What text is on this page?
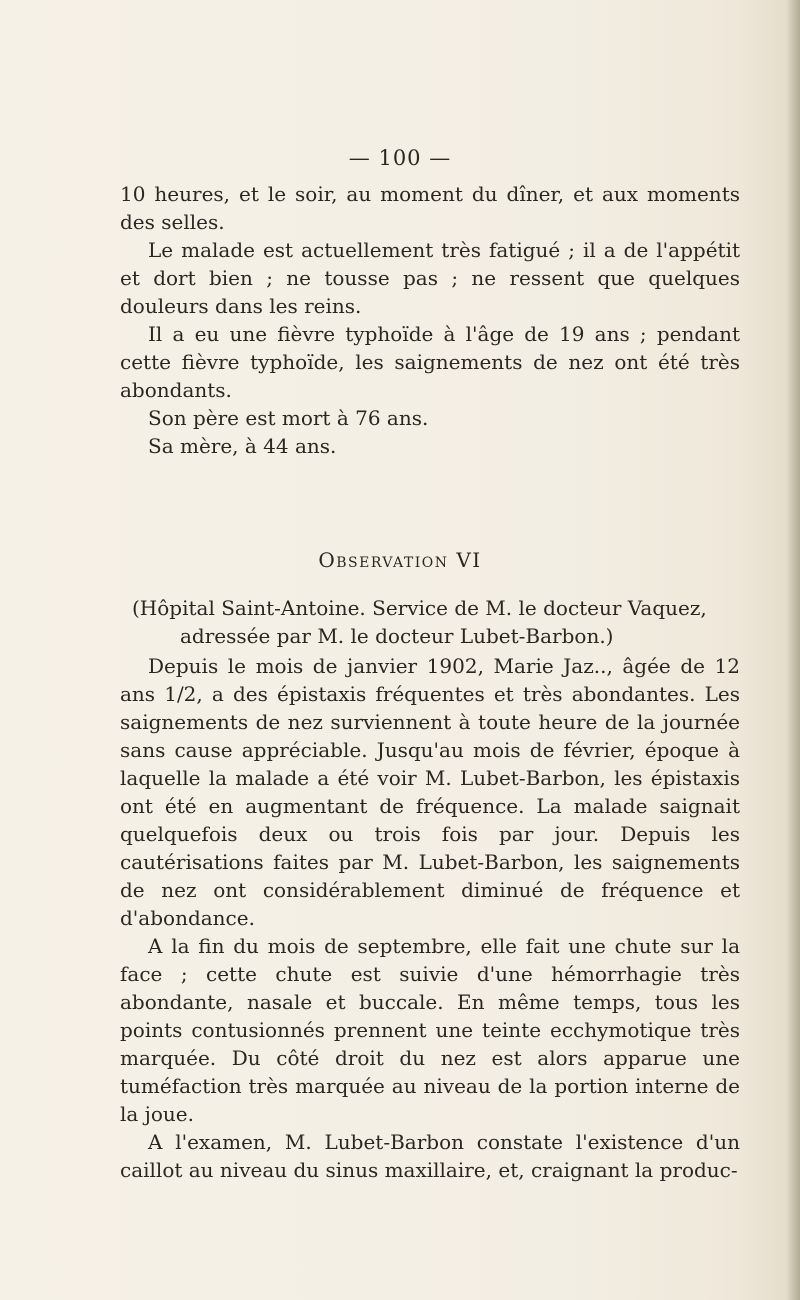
— 100 —

10 heures, et le soir, au moment du dîner, et aux moments des selles.

Le malade est actuellement très fatigué ; il a de l'appétit et dort bien ; ne tousse pas ; ne ressent que quelques douleurs dans les reins.

Il a eu une fièvre typhoïde à l'âge de 19 ans ; pendant cette fièvre typhoïde, les saignements de nez ont été très abondants.

Son père est mort à 76 ans.

Sa mère, à 44 ans.

Observation VI
(Hôpital Saint-Antoine. Service de M. le docteur Vaquez,
adressée par M. le docteur Lubet-Barbon.)

Depuis le mois de janvier 1902, Marie Jaz.., âgée de 12 ans 1/2, a des épistaxis fréquentes et très abondantes. Les saignements de nez surviennent à toute heure de la journée sans cause appréciable. Jusqu'au mois de février, époque à laquelle la malade a été voir M. Lubet-Barbon, les épistaxis ont été en augmentant de fréquence. La malade saignait quelquefois deux ou trois fois par jour. Depuis les cautérisations faites par M. Lubet-Barbon, les saignements de nez ont considérablement diminué de fréquence et d'abondance.

A la fin du mois de septembre, elle fait une chute sur la face ; cette chute est suivie d'une hémorrhagie très abondante, nasale et buccale. En même temps, tous les points contusionnés prennent une teinte ecchymotique très marquée. Du côté droit du nez est alors apparue une tuméfaction très marquée au niveau de la portion interne de la joue.

A l'examen, M. Lubet-Barbon constate l'existence d'un caillot au niveau du sinus maxillaire, et, craignant la produc-
